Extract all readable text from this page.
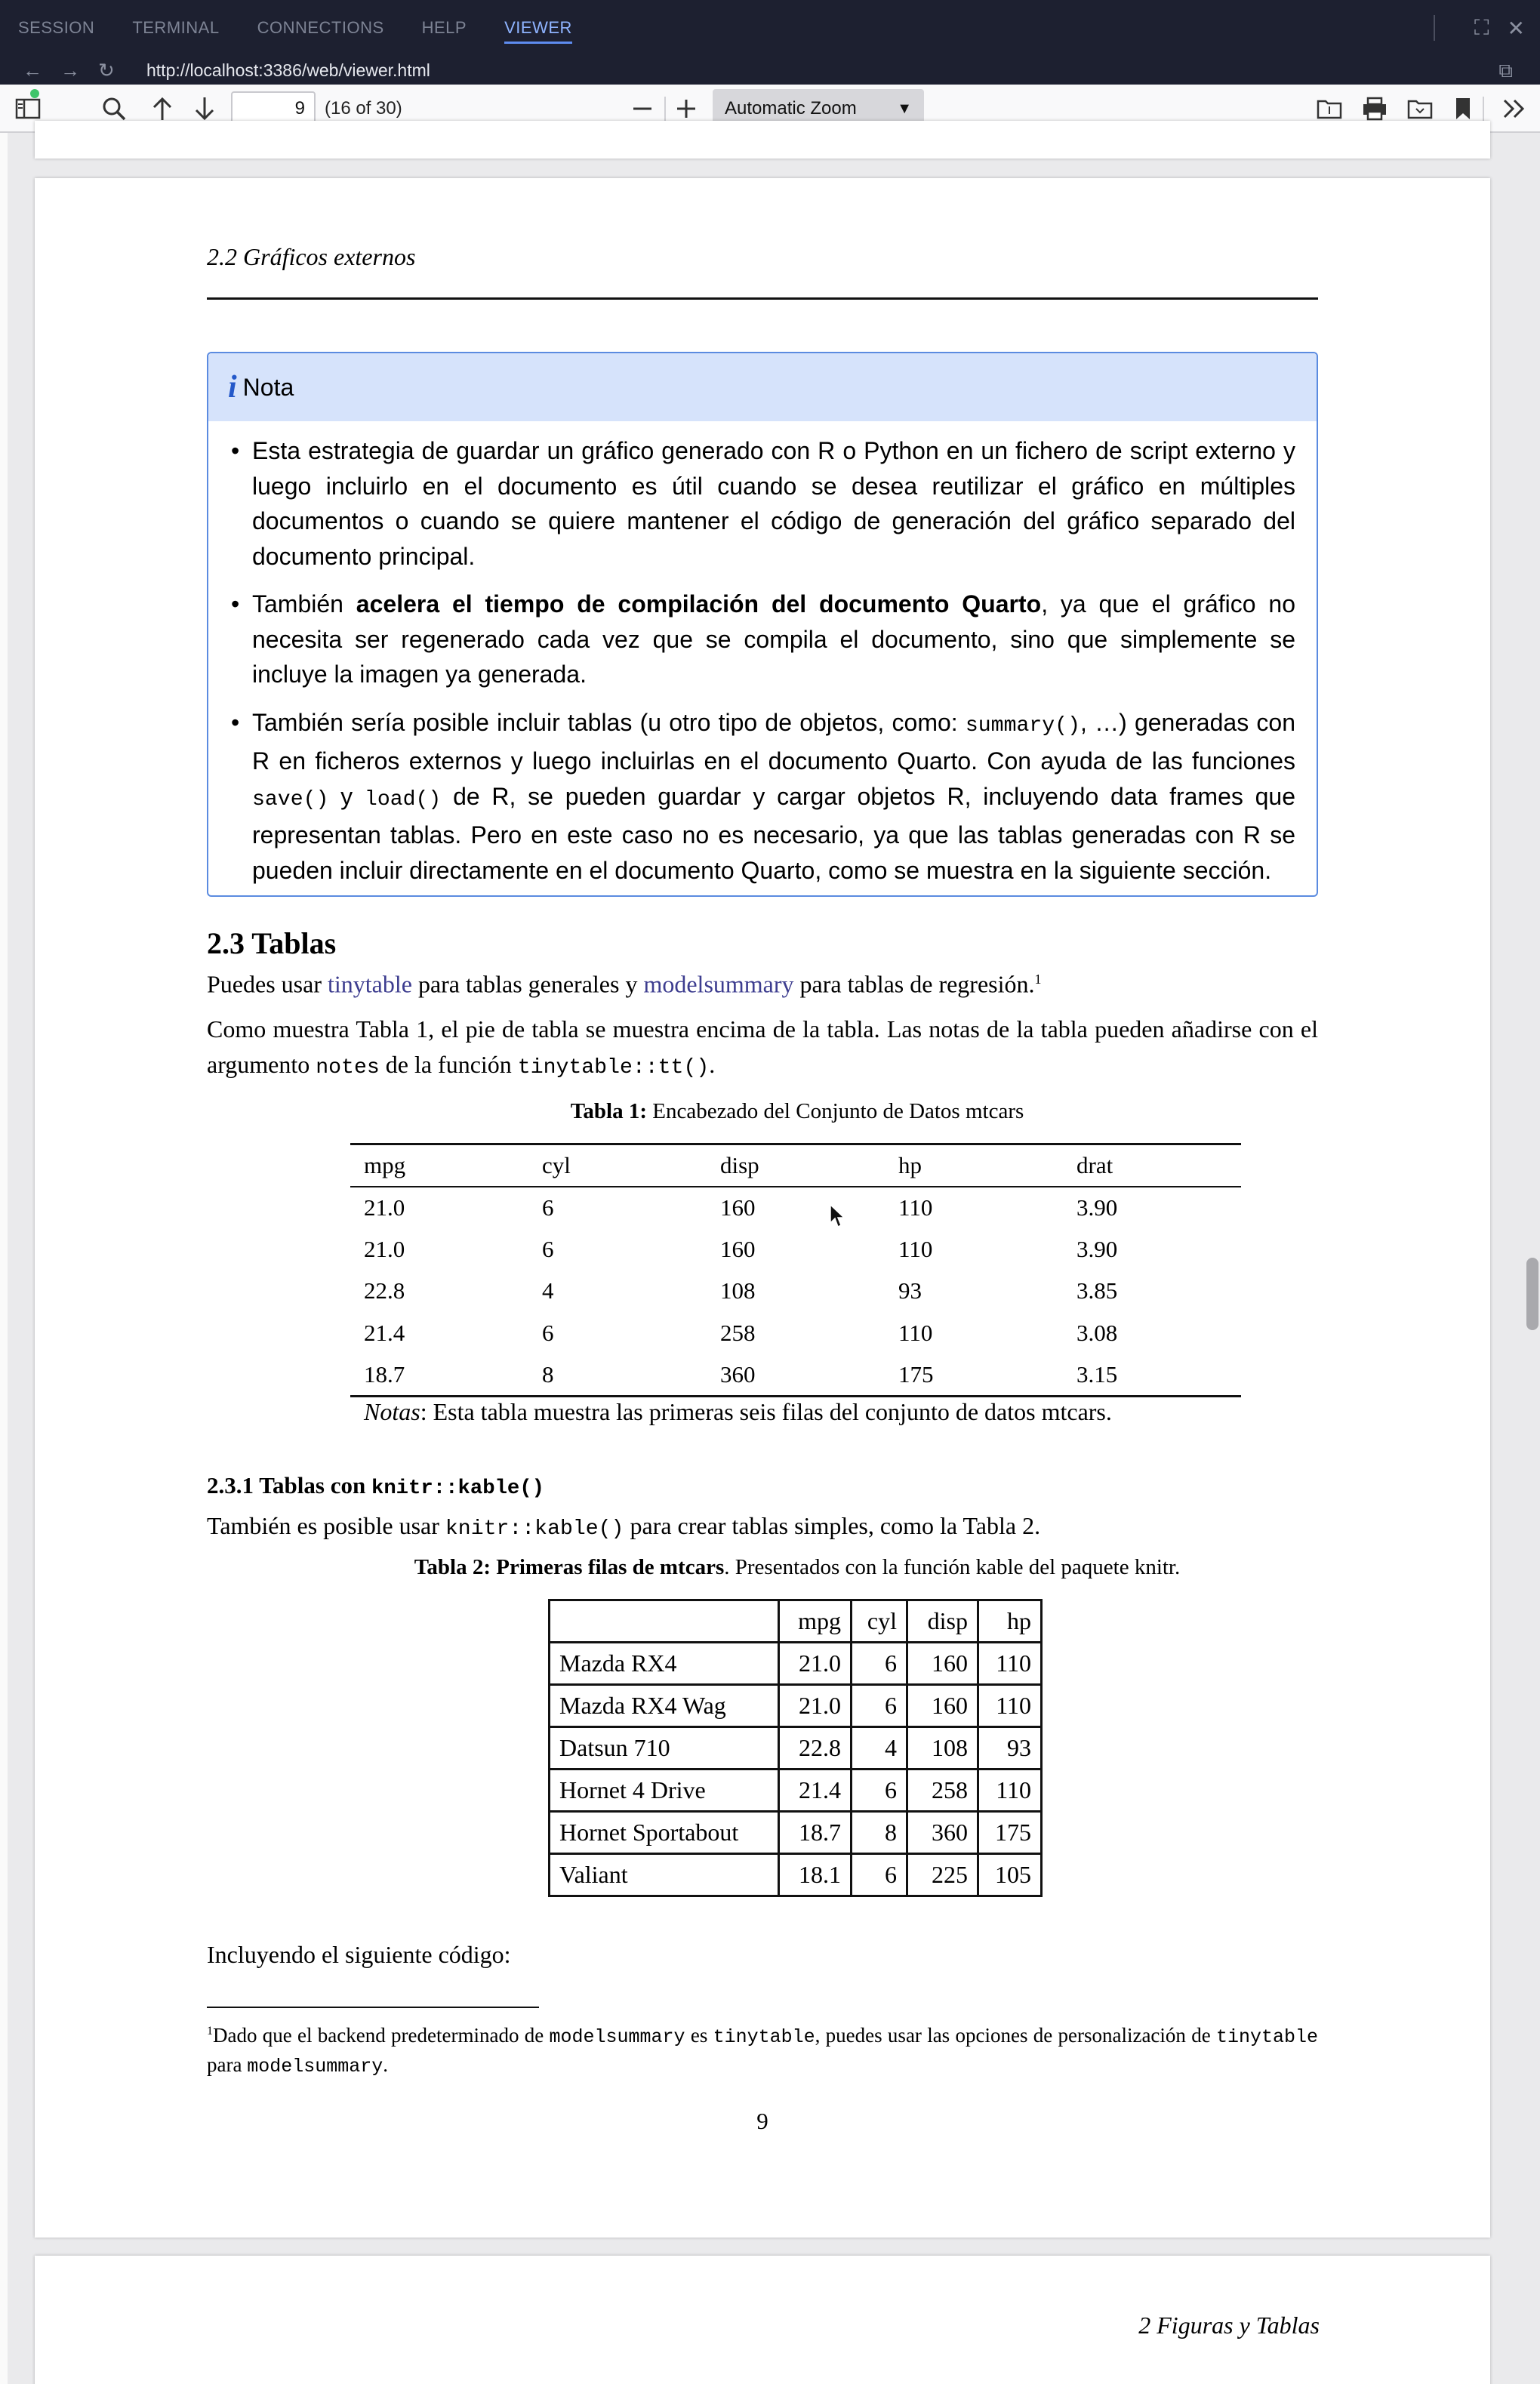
SESSION TERMINAL CONNECTIONS HELP VIEWER	⛶ ✕
← → ↻ http://localhost:3386/web/viewer.html	⧉
9	(16 of 30)	Automatic Zoom	▼
2.2 Gráficos externos
i Nota
• Esta estrategia de guardar un gráfico generado con R o Python en un fichero de script externo y luego incluirlo en el documento es útil cuando se desea reutilizar el gráfico en múltiples documentos o cuando se quiere mantener el código de generación del gráfico separado del documento principal.
• También acelera el tiempo de compilación del documento Quarto, ya que el gráfico no necesita ser regenerado cada vez que se compila el documento, sino que simplemente se incluye la imagen ya generada.
• También sería posible incluir tablas (u otro tipo de objetos, como: summary(), …) generadas con R en ficheros externos y luego incluirlas en el documento Quarto. Con ayuda de las funciones save() y load() de R, se pueden guardar y cargar objetos R, incluyendo data frames que representan tablas. Pero en este caso no es necesario, ya que las tablas generadas con R se pueden incluir directamente en el documento Quarto, como se muestra en la siguiente sección.
2.3 Tablas
Puedes usar tinytable para tablas generales y modelsummary para tablas de regresión.$^1$
Como muestra Tabla 1, el pie de tabla se muestra encima de la tabla. Las notas de la tabla pueden añadirse con el argumento notes de la función tinytable::tt().
Tabla 1: Encabezado del Conjunto de Datos mtcars
mpg	cyl	disp	hp	drat
21.0	6	160	110	3.90
21.0	6	160	110	3.90
22.8	4	108	93	3.85
21.4	6	258	110	3.08
18.7	8	360	175	3.15
Notas: Esta tabla muestra las primeras seis filas del conjunto de datos mtcars.
2.3.1 Tablas con knitr::kable()
También es posible usar knitr::kable() para crear tablas simples, como la Tabla 2.
Tabla 2: Primeras filas de mtcars. Presentados con la función kable del paquete knitr.
	mpg	cyl	disp	hp
Mazda RX4	21.0	6	160	110
Mazda RX4 Wag	21.0	6	160	110
Datsun 710	22.8	4	108	93
Hornet 4 Drive	21.4	6	258	110
Hornet Sportabout	18.7	8	360	175
Valiant	18.1	6	225	105
Incluyendo el siguiente código:
$^1$Dado que el backend predeterminado de modelsummary es tinytable, puedes usar las opciones de personalización de tinytable para modelsummary.
9
2 Figuras y Tablas
